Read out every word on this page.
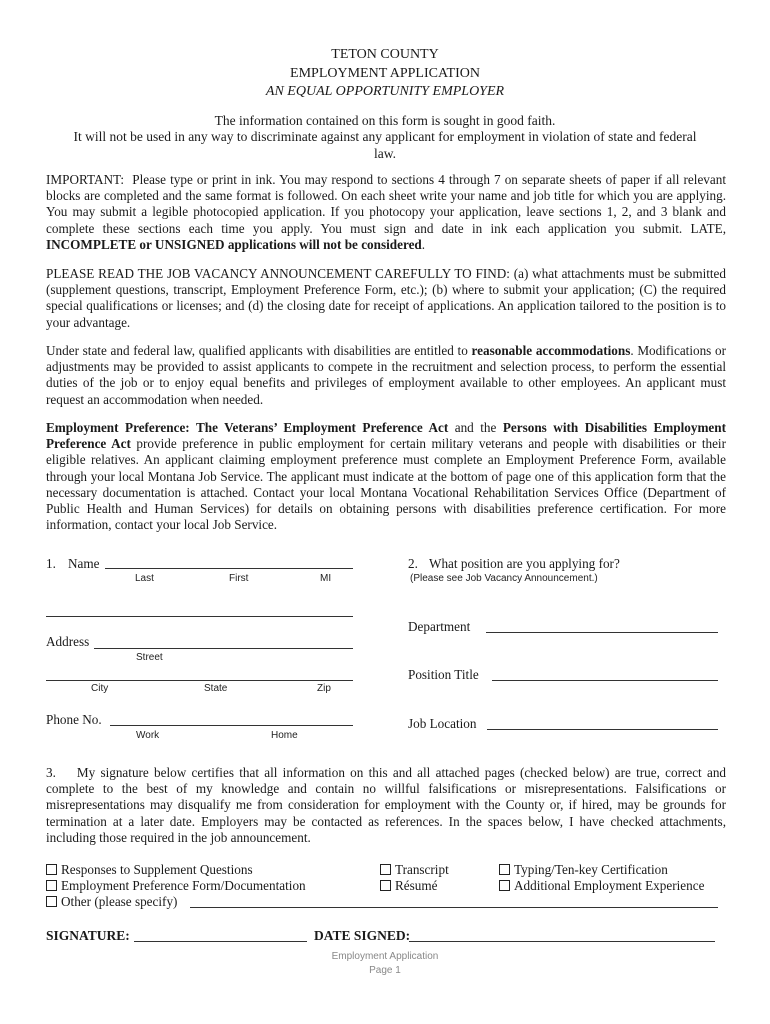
TETON COUNTY
EMPLOYMENT APPLICATION
AN EQUAL OPPORTUNITY EMPLOYER
The information contained on this form is sought in good faith.
It will not be used in any way to discriminate against any applicant for employment in violation of state and federal law.
IMPORTANT: Please type or print in ink. You may respond to sections 4 through 7 on separate sheets of paper if all relevant blocks are completed and the same format is followed. On each sheet write your name and job title for which you are applying. You may submit a legible photocopied application. If you photocopy your application, leave sections 1, 2, and 3 blank and complete these sections each time you apply. You must sign and date in ink each application you submit. LATE, INCOMPLETE or UNSIGNED applications will not be considered.
PLEASE READ THE JOB VACANCY ANNOUNCEMENT CAREFULLY TO FIND: (a) what attachments must be submitted (supplement questions, transcript, Employment Preference Form, etc.); (b) where to submit your application; (C) the required special qualifications or licenses; and (d) the closing date for receipt of applications. An application tailored to the position is to your advantage.
Under state and federal law, qualified applicants with disabilities are entitled to reasonable accommodations. Modifications or adjustments may be provided to assist applicants to compete in the recruitment and selection process, to perform the essential duties of the job or to enjoy equal benefits and privileges of employment available to other employees. An applicant must request an accommodation when needed.
Employment Preference: The Veterans’ Employment Preference Act and the Persons with Disabilities Employment Preference Act provide preference in public employment for certain military veterans and people with disabilities or their eligible relatives. An applicant claiming employment preference must complete an Employment Preference Form, available through your local Montana Job Service. The applicant must indicate at the bottom of page one of this application form that the necessary documentation is attached. Contact your local Montana Vocational Rehabilitation Services Office (Department of Public Health and Human Services) for details on obtaining persons with disabilities preference certification. For more information, contact your local Job Service.
1. Name
Last	First	MI
Address
Street
City	State	Zip
Phone No.
Work	Home
2. What position are you applying for?
(Please see Job Vacancy Announcement.)
Department
Position Title
Job Location
3. My signature below certifies that all information on this and all attached pages (checked below) are true, correct and complete to the best of my knowledge and contain no willful falsifications or misrepresentations. Falsifications or misrepresentations may disqualify me from consideration for employment with the County or, if hired, may be grounds for termination at a later date. Employers may be contacted as references. In the spaces below, I have checked attachments, including those required in the job announcement.
Responses to Supplement Questions
Employment Preference Form/Documentation
Other (please specify)
Transcript
Résumé
Typing/Ten-key Certification
Additional Employment Experience
SIGNATURE:	DATE SIGNED:
Employment Application
Page 1
